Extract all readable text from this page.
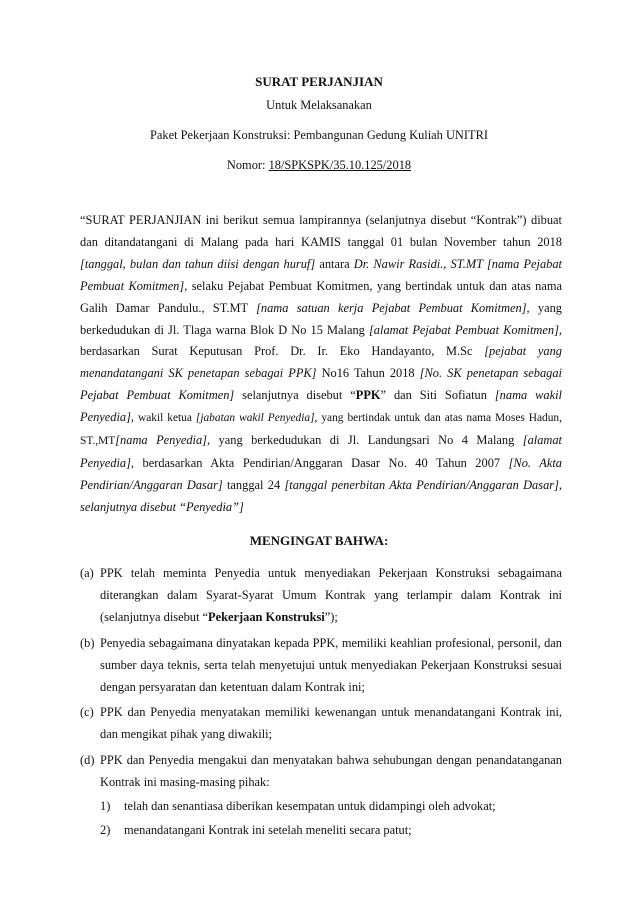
SURAT PERJANJIAN
Untuk Melaksanakan
Paket Pekerjaan Konstruksi: Pembangunan Gedung Kuliah UNITRI
Nomor: 18/SPKSPK/35.10.125/2018

“SURAT PERJANJIAN ini berikut semua lampirannya (selanjutnya disebut “Kontrak”) dibuat dan ditandatangani di Malang pada hari KAMIS tanggal 01 bulan November tahun 2018 [tanggal, bulan dan tahun diisi dengan huruf] antara Dr. Nawir Rasidi., ST.MT [nama Pejabat Pembuat Komitmen], selaku Pejabat Pembuat Komitmen, yang bertindak untuk dan atas nama Galih Damar Pandulu., ST.MT [nama satuan kerja Pejabat Pembuat Komitmen], yang berkedudukan di Jl. Tlaga warna Blok D No 15 Malang [alamat Pejabat Pembuat Komitmen], berdasarkan Surat Keputusan Prof. Dr. Ir. Eko Handayanto, M.Sc [pejabat yang menandatangani SK penetapan sebagai PPK] No16 Tahun 2018 [No. SK penetapan sebagai Pejabat Pembuat Komitmen] selanjutnya disebut “PPK” dan Siti Sofiatun [nama wakil Penyedia], wakil ketua [jabatan wakil Penyedia], yang bertindak untuk dan atas nama Moses Hadun, ST.,MT[nama Penyedia], yang berkedudukan di Jl. Landungsari No 4 Malang [alamat Penyedia], berdasarkan Akta Pendirian/Anggaran Dasar No. 40 Tahun 2007 [No. Akta Pendirian/Anggaran Dasar] tanggal 24 [tanggal penerbitan Akta Pendirian/Anggaran Dasar], selanjutnya disebut “Penyedia”]

MENGINGAT BAHWA:
(a) PPK telah meminta Penyedia untuk menyediakan Pekerjaan Konstruksi sebagaimana diterangkan dalam Syarat-Syarat Umum Kontrak yang terlampir dalam Kontrak ini (selanjutnya disebut “Pekerjaan Konstruksi”);
(b) Penyedia sebagaimana dinyatakan kepada PPK, memiliki keahlian profesional, personil, dan sumber daya teknis, serta telah menyetujui untuk menyediakan Pekerjaan Konstruksi sesuai dengan persyaratan dan ketentuan dalam Kontrak ini;
(c) PPK dan Penyedia menyatakan memiliki kewenangan untuk menandatangani Kontrak ini, dan mengikat pihak yang diwakili;
(d) PPK dan Penyedia mengakui dan menyatakan bahwa sehubungan dengan penandatanganan Kontrak ini masing-masing pihak:
1) telah dan senantiasa diberikan kesempatan untuk didampingi oleh advokat;
2) menandatangani Kontrak ini setelah meneliti secara patut;
